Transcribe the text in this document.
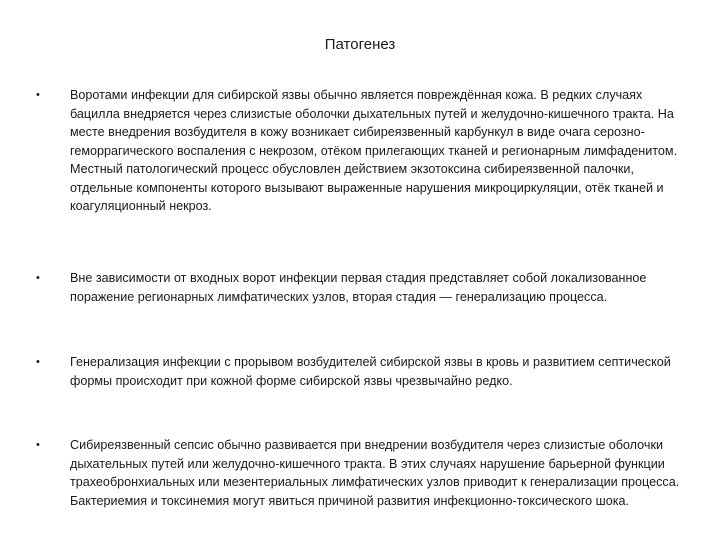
Патогенез
• Воротами инфекции для сибирской язвы обычно является повреждённая кожа. В редких случаях бацилла внедряется через слизистые оболочки дыхательных путей и желудочно-кишечного тракта. На месте внедрения возбудителя в кожу возникает сибиреязвенный карбункул в виде очага серозно-геморрагического воспаления с некрозом, отёком прилегающих тканей и регионарным лимфаденитом. Местный патологический процесс обусловлен действием экзотоксина сибиреязвенной палочки, отдельные компоненты которого вызывают выраженные нарушения микроциркуляции, отёк тканей и коагуляционный некроз.
• Вне зависимости от входных ворот инфекции первая стадия представляет собой локализованное поражение регионарных лимфатических узлов, вторая стадия — генерализацию процесса.
• Генерализация инфекции с прорывом возбудителей сибирской язвы в кровь и развитием септической формы происходит при кожной форме сибирской язвы чрезвычайно редко.
• Сибиреязвенный сепсис обычно развивается при внедрении возбудителя через слизистые оболочки дыхательных путей или желудочно-кишечного тракта. В этих случаях нарушение барьерной функции трахеобронхиальных или мезентериальных лимфатических узлов приводит к генерализации процесса. Бактериемия и токсинемия могут явиться причиной развития инфекционно-токсического шока.
